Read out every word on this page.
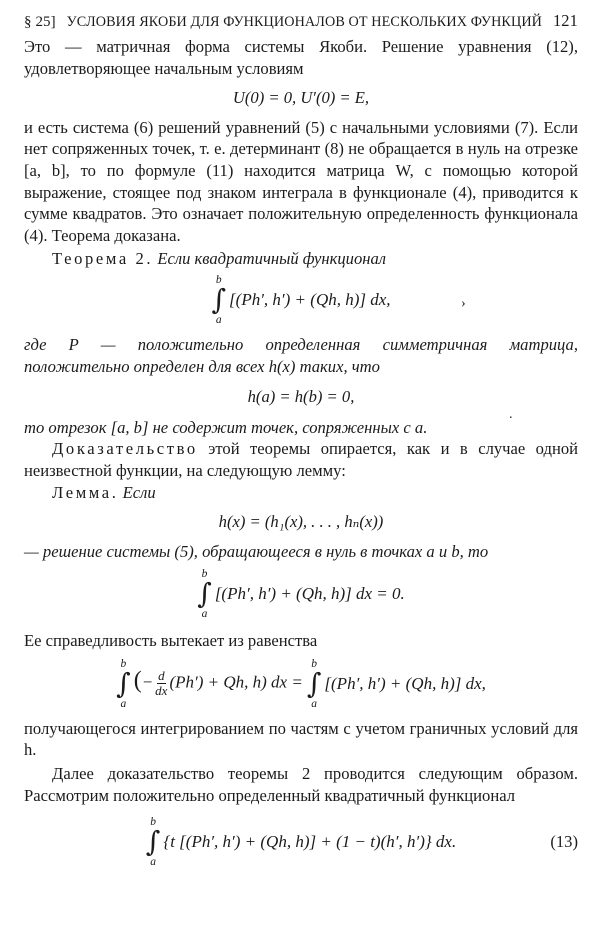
§ 25] УСЛОВИЯ ЯКОБИ ДЛЯ ФУНКЦИОНАЛОВ ОТ НЕСКОЛЬКИХ ФУНКЦИЙ 121

Это — матричная форма системы Якоби. Решение уравнения (12), удовлетворяющее начальным условиям

U(0) = 0, U′(0) = E,

и есть система (6) решений уравнений (5) с начальными условиями (7). Если нет сопряженных точек, т. е. детерминант (8) не обращается в нуль на отрезке [a, b], то по формуле (11) находится матрица W, с помощью которой выражение, стоящее под знаком интеграла в функционале (4), приводится к сумме квадратов. Это означает положительную определенность функционала (4). Теорема доказана.

Теорема 2. Если квадратичный функционал

›
b
∫
a
[(Ph′, h′) + (Qh, h)] dx,

где P — положительно определенная симметричная матрица, положительно определен для всех h(x) таких, что

h(a) = h(b) = 0,
.

то отрезок [a, b] не содержит точек, сопряженных с a.

Доказательство этой теоремы опирается, как и в случае одной неизвестной функции, на следующую лемму:

Лемма. Если

h(x) = (h₁(x), . . . , hₙ(x))

— решение системы (5), обращающееся в нуль в точках a и b, то

b
∫
a
[(Ph′, h′) + (Qh, h)] dx = 0.

Ее справедливость вытекает из равенства

b
∫
a
(− $\frac{d}{dx} (Ph') + Qh$, h) dx =
b
∫
a
[(Ph′, h′) + (Qh, h)] dx,

получающегося интегрированием по частям с учетом граничных условий для h.

Далее доказательство теоремы 2 проводится следующим образом. Рассмотрим положительно определенный квадратичный функционал

b
∫
a
{t [(Ph′, h′) + (Qh, h)] + (1 − t)(h′, h′)} dx.	(13)
